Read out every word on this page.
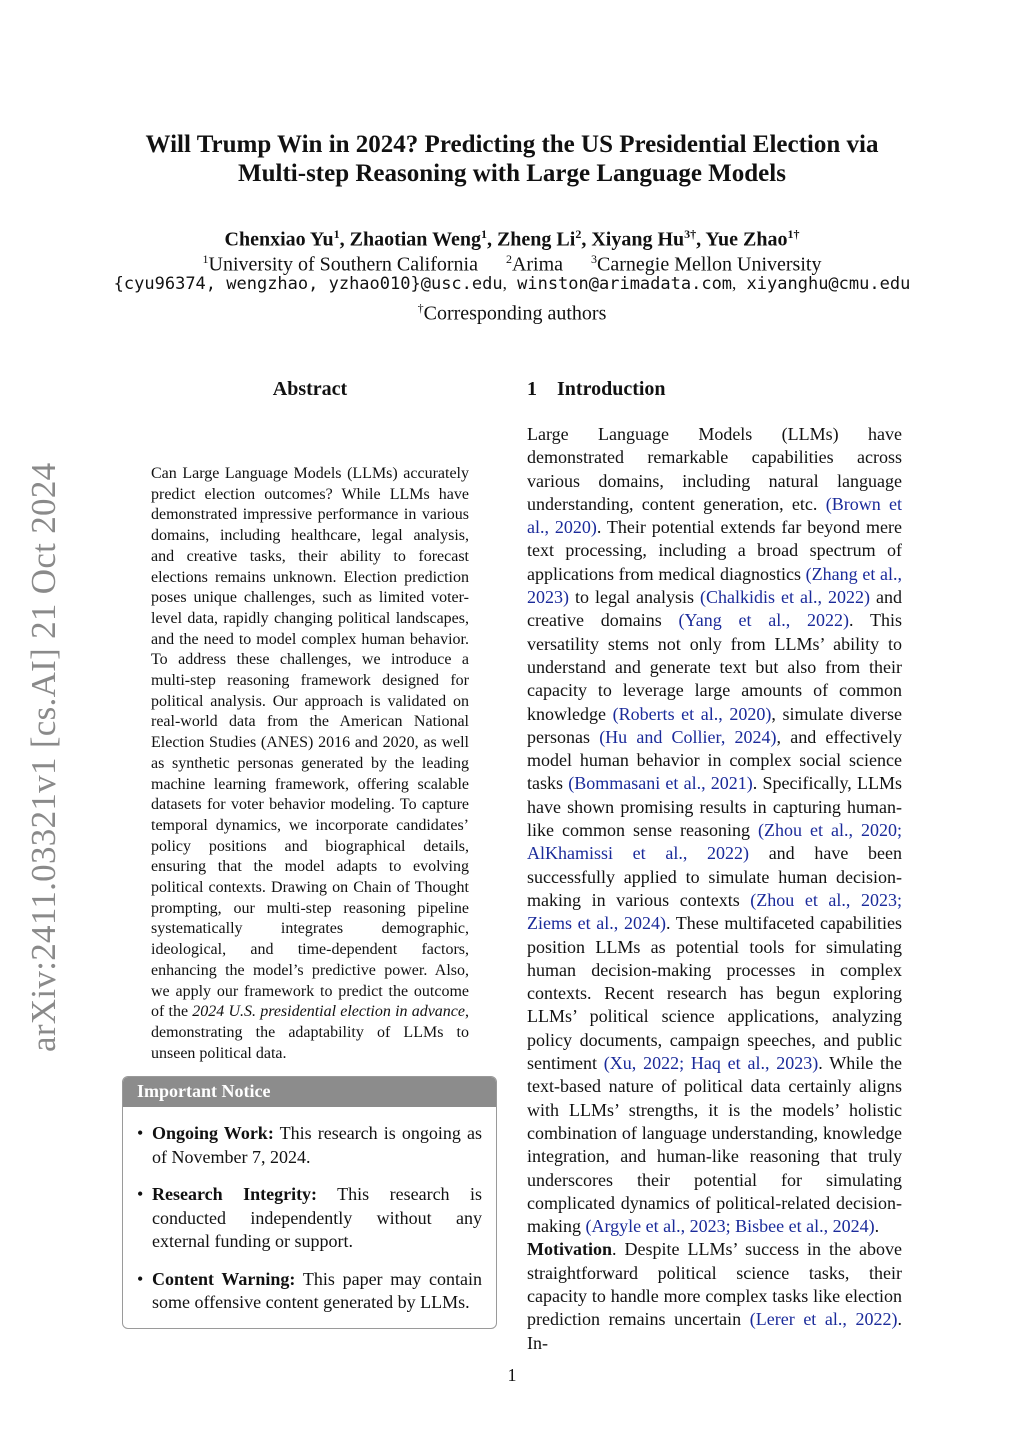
arXiv:2411.03321v1 [cs.AI] 21 Oct 2024
Will Trump Win in 2024? Predicting the US Presidential Election via
Multi-step Reasoning with Large Language Models
Chenxiao Yu$^1$, Zhaotian Weng$^1$, Zheng Li$^2$, Xiyang $Hu^{3\dagger}$, Yue Zhao$^{1\dagger}$
$^1$University of Southern California $^2$Arima $^3$Carnegie Mellon University
{cyu96374, wengzhao, yzhao010}@usc.edu, winston@arimadata.com, xiyanghu@cmu.edu
†Corresponding authors
Abstract
Can Large Language Models (LLMs) accurately predict election outcomes? While LLMs have demonstrated impressive performance in various domains, including healthcare, legal analysis, and creative tasks, their ability to forecast elections remains unknown. Election prediction poses unique challenges, such as limited voter-level data, rapidly changing political landscapes, and the need to model complex human behavior. To address these challenges, we introduce a multi-step reasoning framework designed for political analysis. Our approach is validated on real-world data from the American National Election Studies (ANES) 2016 and 2020, as well as synthetic personas generated by the leading machine learning framework, offering scalable datasets for voter behavior modeling. To capture temporal dynamics, we incorporate candidates’ policy positions and biographical details, ensuring that the model adapts to evolving political contexts. Drawing on Chain of Thought prompting, our multi-step reasoning pipeline systematically integrates demographic, ideological, and time-dependent factors, enhancing the model’s predictive power. Also, we apply our framework to predict the outcome of the 2024 U.S. presidential election in advance, demonstrating the adaptability of LLMs to unseen political data.
Important Notice
• Ongoing Work: This research is ongoing as of November 7, 2024.
• Research Integrity: This research is conducted independently without any external funding or support.
• Content Warning: This paper may contain some offensive content generated by LLMs.
1 Introduction

Large Language Models (LLMs) have demonstrated remarkable capabilities across various domains, including natural language understanding, content generation, etc. (Brown et al., 2020). Their potential extends far beyond mere text processing, including a broad spectrum of applications from medical diagnostics (Zhang et al., 2023) to legal analysis (Chalkidis et al., 2022) and creative domains (Yang et al., 2022). This versatility stems not only from LLMs’ ability to understand and generate text but also from their capacity to leverage large amounts of common knowledge (Roberts et al., 2020), simulate diverse personas (Hu and Collier, 2024), and effectively model human behavior in complex social science tasks (Bommasani et al., 2021). Specifically, LLMs have shown promising results in capturing human-like common sense reasoning (Zhou et al., 2020; AlKhamissi et al., 2022) and have been successfully applied to simulate human decision-making in various contexts (Zhou et al., 2023; Ziems et al., 2024). These multifaceted capabilities position LLMs as potential tools for simulating human decision-making processes in complex contexts. Recent research has begun exploring LLMs’ political science applications, analyzing policy documents, campaign speeches, and public sentiment (Xu, 2022; Haq et al., 2023). While the text-based nature of political data certainly aligns with LLMs’ strengths, it is the models’ holistic combination of language understanding, knowledge integration, and human-like reasoning that truly underscores their potential for simulating complicated dynamics of political-related decision-making (Argyle et al., 2023; Bisbee et al., 2024).

Motivation. Despite LLMs’ success in the above straightforward political science tasks, their capacity to handle more complex tasks like election prediction remains uncertain (Lerer et al., 2022). In-

1
